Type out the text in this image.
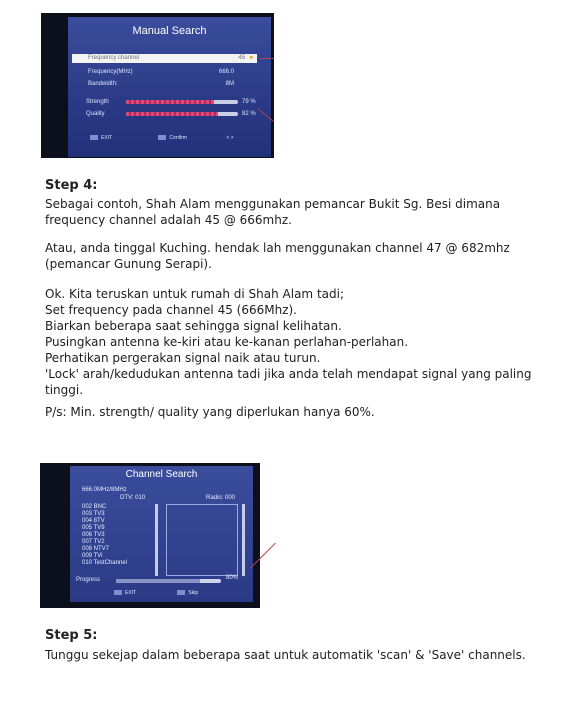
Manual Search
Frequency channel	45 ►
Frequency(MHz)	666.0
Bandwidth:	8M
Strength	79 %
Quality	82 %
EXIT	Confirm	< >
Step 4:
Sebagai contoh, Shah Alam menggunakan pemancar Bukit Sg. Besi dimana
frequency channel adalah 45 @ 666mhz.
Atau, anda tinggal Kuching. hendak lah menggunakan channel 47 @ 682mhz
(pemancar Gunung Serapi).
Ok. Kita teruskan untuk rumah di Shah Alam tadi;
Set frequency pada channel 45 (666Mhz).
Biarkan beberapa saat sehingga signal kelihatan.
Pusingkan antenna ke-kiri atau ke-kanan perlahan-perlahan.
Perhatikan pergerakan signal naik atau turun.
'Lock' arah/kedudukan antenna tadi jika anda telah mendapat signal yang paling
tinggi.
P/s: Min. strength/ quality yang diperlukan hanya 60%.
Channel Search
666.0MHz/8MHz
DTV: 010	Radio: 000
002 BNC
003 TV3
004 8TV
005 TV9
006 TV3
007 TV2
008 NTV7
009 TVi
010 TestChannel
Progress	80%
EXIT	Skip
Step 5:
Tunggu sekejap dalam beberapa saat untuk automatik 'scan' & 'Save' channels.
